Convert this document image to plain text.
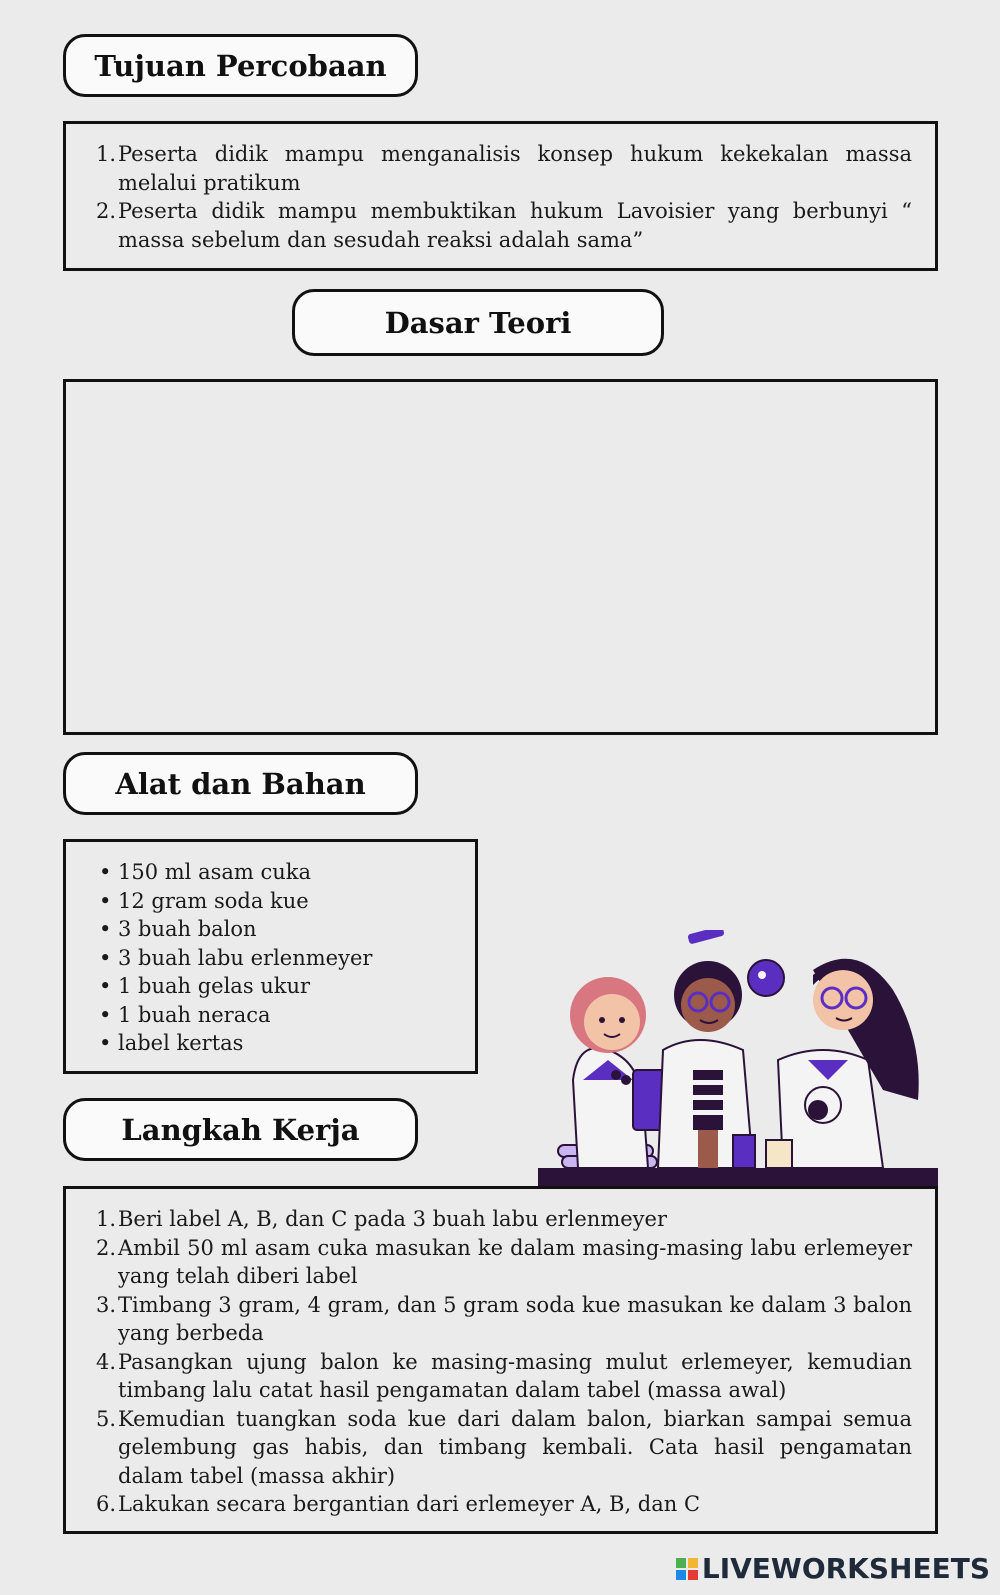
Tujuan Percobaan
1. Peserta didik mampu menganalisis konsep hukum kekekalan massa melalui pratikum
2. Peserta didik mampu membuktikan hukum Lavoisier yang berbunyi “ massa sebelum dan sesudah reaksi adalah sama”
Dasar Teori
Alat dan Bahan
• 150 ml asam cuka
• 12 gram soda kue
• 3 buah balon
• 3 buah labu erlenmeyer
• 1 buah gelas ukur
• 1 buah neraca
• label kertas
Langkah Kerja
1. Beri label A, B, dan C pada 3 buah labu erlenmeyer
2. Ambil 50 ml asam cuka masukan ke dalam masing-masing labu erlemeyer yang telah diberi label
3. Timbang 3 gram, 4 gram, dan 5 gram soda kue masukan ke dalam 3 balon yang berbeda
4. Pasangkan ujung balon ke masing-masing mulut erlemeyer, kemudian timbang lalu catat hasil pengamatan dalam tabel (massa awal)
5. Kemudian tuangkan soda kue dari dalam balon, biarkan sampai semua gelembung gas habis, dan timbang kembali. Cata hasil pengamatan dalam tabel (massa akhir)
6. Lakukan secara bergantian dari erlemeyer A, B, dan C
LIVEWORKSHEETS
